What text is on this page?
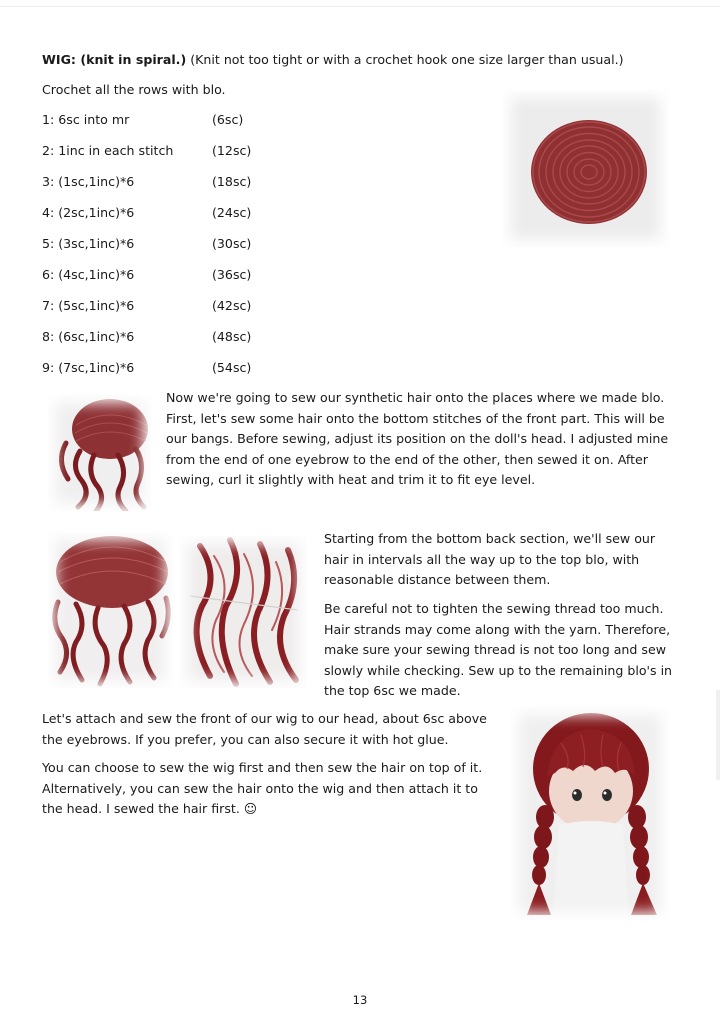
WIG: (knit in spiral.) (Knit not too tight or with a crochet hook one size larger than usual.)
Crochet all the rows with blo.
1: 6sc into mr	(6sc)
2: 1inc in each stitch	(12sc)
3: (1sc,1inc)*6	(18sc)
4: (2sc,1inc)*6	(24sc)
5: (3sc,1inc)*6	(30sc)
6: (4sc,1inc)*6	(36sc)
7: (5sc,1inc)*6	(42sc)
8: (6sc,1inc)*6	(48sc)
9: (7sc,1inc)*6	(54sc)

Now we're going to sew our synthetic hair onto the places where we made blo.

First, let's sew some hair onto the bottom stitches of the front part. This will be

our bangs. Before sewing, adjust its position on the doll's head. I adjusted mine

from the end of one eyebrow to the end of the other, then sewed it on. After

sewing, curl it slightly with heat and trim it to fit eye level.

Starting from the bottom back section, we'll sew our

hair in intervals all the way up to the top blo, with

reasonable distance between them.

Be careful not to tighten the sewing thread too much.

Hair strands may come along with the yarn. Therefore,

make sure your sewing thread is not too long and sew

slowly while checking. Sew up to the remaining blo's in

the top 6sc we made.

Let's attach and sew the front of our wig to our head, about 6sc above

the eyebrows. If you prefer, you can also secure it with hot glue.

You can choose to sew the wig first and then sew the hair on top of it.

Alternatively, you can sew the hair onto the wig and then attach it to

the head. I sewed the hair first. ☺

13
